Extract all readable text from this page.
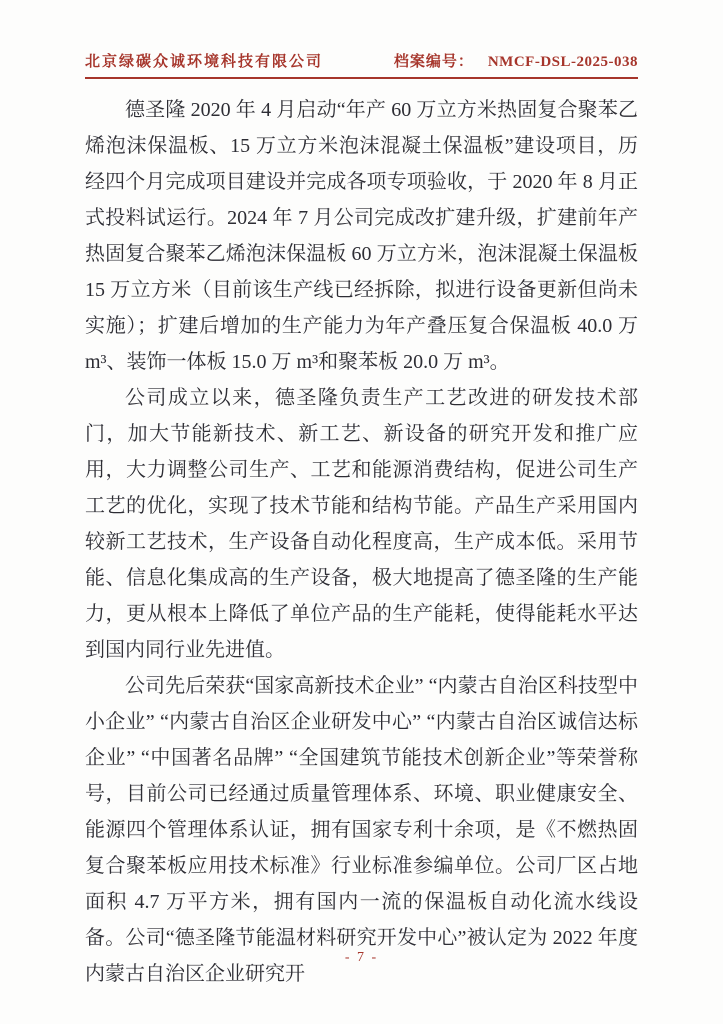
北京绿碳众诚环境科技有限公司	档案编号： NMCF-DSL-2025-038

德圣隆 2020 年 4 月启动“年产 60 万立方米热固复合聚苯乙烯泡沫保温板、15 万立方米泡沫混凝土保温板”建设项目，历经四个月完成项目建设并完成各项专项验收，于 2020 年 8 月正式投料试运行。2024 年 7 月公司完成改扩建升级，扩建前年产热固复合聚苯乙烯泡沫保温板 60 万立方米，泡沫混凝土保温板 15 万立方米（目前该生产线已经拆除，拟进行设备更新但尚未实施）；扩建后增加的生产能力为年产叠压复合保温板 40.0 万 m³、装饰一体板 15.0 万 m³和聚苯板 20.0 万 m³。

公司成立以来，德圣隆负责生产工艺改进的研发技术部门，加大节能新技术、新工艺、新设备的研究开发和推广应用，大力调整公司生产、工艺和能源消费结构，促进公司生产工艺的优化，实现了技术节能和结构节能。产品生产采用国内较新工艺技术，生产设备自动化程度高，生产成本低。采用节能、信息化集成高的生产设备，极大地提高了德圣隆的生产能力，更从根本上降低了单位产品的生产能耗，使得能耗水平达到国内同行业先进值。

公司先后荣获“国家高新技术企业” “内蒙古自治区科技型中小企业” “内蒙古自治区企业研发中心” “内蒙古自治区诚信达标企业” “中国著名品牌” “全国建筑节能技术创新企业”等荣誉称号，目前公司已经通过质量管理体系、环境、职业健康安全、能源四个管理体系认证，拥有国家专利十余项，是《不燃热固复合聚苯板应用技术标准》行业标准参编单位。公司厂区占地面积 4.7 万平方米，拥有国内一流的保温板自动化流水线设备。公司“德圣隆节能温材料研究开发中心”被认定为 2022 年度内蒙古自治区企业研究开

- 7 -
